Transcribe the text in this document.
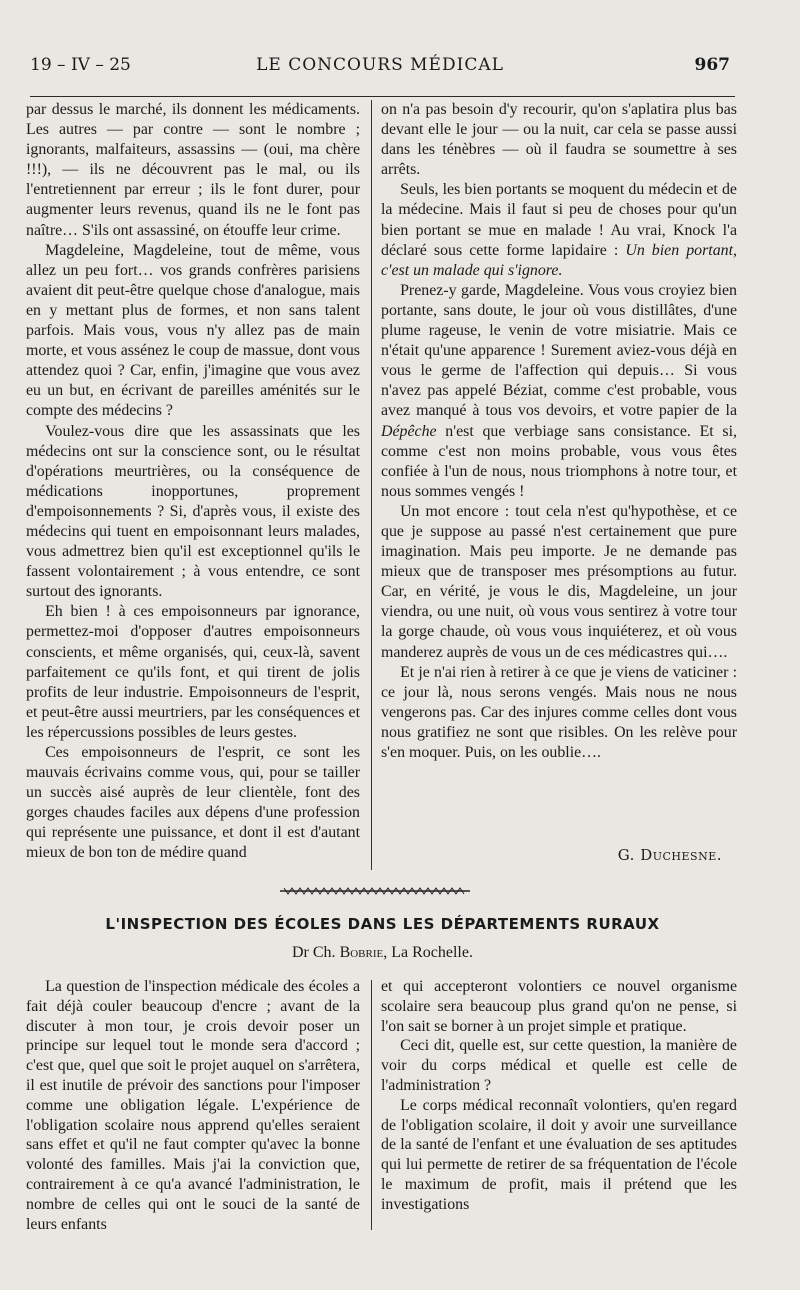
19 – IV – 25	LE CONCOURS MÉDICAL	967

par dessus le marché, ils donnent les médicaments. Les autres — par contre — sont le nombre ; ignorants, malfaiteurs, assassins — (oui, ma chère !!!), — ils ne découvrent pas le mal, ou ils l'entretiennent par erreur ; ils le font durer, pour augmenter leurs revenus, quand ils ne le font pas naître… S'ils ont assassiné, on étouffe leur crime.

Magdeleine, Magdeleine, tout de même, vous allez un peu fort… vos grands confrères parisiens avaient dit peut-être quelque chose d'analogue, mais en y mettant plus de formes, et non sans talent parfois. Mais vous, vous n'y allez pas de main morte, et vous assénez le coup de massue, dont vous attendez quoi ? Car, enfin, j'imagine que vous avez eu un but, en écrivant de pareilles aménités sur le compte des médecins ?

Voulez-vous dire que les assassinats que les médecins ont sur la conscience sont, ou le résultat d'opérations meurtrières, ou la conséquence de médications inopportunes, proprement d'empoisonnements ? Si, d'après vous, il existe des médecins qui tuent en empoisonnant leurs malades, vous admettrez bien qu'il est exceptionnel qu'ils le fassent volontairement ; à vous entendre, ce sont surtout des ignorants.

Eh bien ! à ces empoisonneurs par ignorance, permettez-moi d'opposer d'autres empoisonneurs conscients, et même organisés, qui, ceux-là, savent parfaitement ce qu'ils font, et qui tirent de jolis profits de leur industrie. Empoisonneurs de l'esprit, et peut-être aussi meurtriers, par les conséquences et les répercussions possibles de leurs gestes.

Ces empoisonneurs de l'esprit, ce sont les mauvais écrivains comme vous, qui, pour se tailler un succès aisé auprès de leur clientèle, font des gorges chaudes faciles aux dépens d'une profession qui représente une puissance, et dont il est d'autant mieux de bon ton de médire quand

on n'a pas besoin d'y recourir, qu'on s'aplatira plus bas devant elle le jour — ou la nuit, car cela se passe aussi dans les ténèbres — où il faudra se soumettre à ses arrêts.

Seuls, les bien portants se moquent du médecin et de la médecine. Mais il faut si peu de choses pour qu'un bien portant se mue en malade ! Au vrai, Knock l'a déclaré sous cette forme lapidaire : Un bien portant, c'est un malade qui s'ignore.

Prenez-y garde, Magdeleine. Vous vous croyiez bien portante, sans doute, le jour où vous distillâtes, d'une plume rageuse, le venin de votre misiatrie. Mais ce n'était qu'une apparence ! Surement aviez-vous déjà en vous le germe de l'affection qui depuis… Si vous n'avez pas appelé Béziat, comme c'est probable, vous avez manqué à tous vos devoirs, et votre papier de la Dépêche n'est que verbiage sans consistance. Et si, comme c'est non moins probable, vous vous êtes confiée à l'un de nous, nous triomphons à notre tour, et nous sommes vengés !

Un mot encore : tout cela n'est qu'hypothèse, et ce que je suppose au passé n'est certainement que pure imagination. Mais peu importe. Je ne demande pas mieux que de transposer mes présomptions au futur. Car, en vérité, je vous le dis, Magdeleine, un jour viendra, ou une nuit, où vous vous sentirez à votre tour la gorge chaude, où vous vous inquiéterez, et où vous manderez auprès de vous un de ces médicastres qui….

Et je n'ai rien à retirer à ce que je viens de vaticiner : ce jour là, nous serons vengés. Mais nous ne nous vengerons pas. Car des injures comme celles dont vous nous gratifiez ne sont que risibles. On les relève pour s'en moquer. Puis, on les oublie….

G. Duchesne.
L'INSPECTION DES ÉCOLES DANS LES DÉPARTEMENTS RURAUX
Dr Ch. Bobrie, La Rochelle.

La question de l'inspection médicale des écoles a fait déjà couler beaucoup d'encre ; avant de la discuter à mon tour, je crois devoir poser un principe sur lequel tout le monde sera d'accord ; c'est que, quel que soit le projet auquel on s'arrêtera, il est inutile de prévoir des sanctions pour l'imposer comme une obligation légale. L'expérience de l'obligation scolaire nous apprend qu'elles seraient sans effet et qu'il ne faut compter qu'avec la bonne volonté des familles. Mais j'ai la conviction que, contrairement à ce qu'a avancé l'administration, le nombre de celles qui ont le souci de la santé de leurs enfants

et qui accepteront volontiers ce nouvel organisme scolaire sera beaucoup plus grand qu'on ne pense, si l'on sait se borner à un projet simple et pratique.

Ceci dit, quelle est, sur cette question, la manière de voir du corps médical et quelle est celle de l'administration ?

Le corps médical reconnaît volontiers, qu'en regard de l'obligation scolaire, il doit y avoir une surveillance de la santé de l'enfant et une évaluation de ses aptitudes qui lui permette de retirer de sa fréquentation de l'école le maximum de profit, mais il prétend que les investigations
